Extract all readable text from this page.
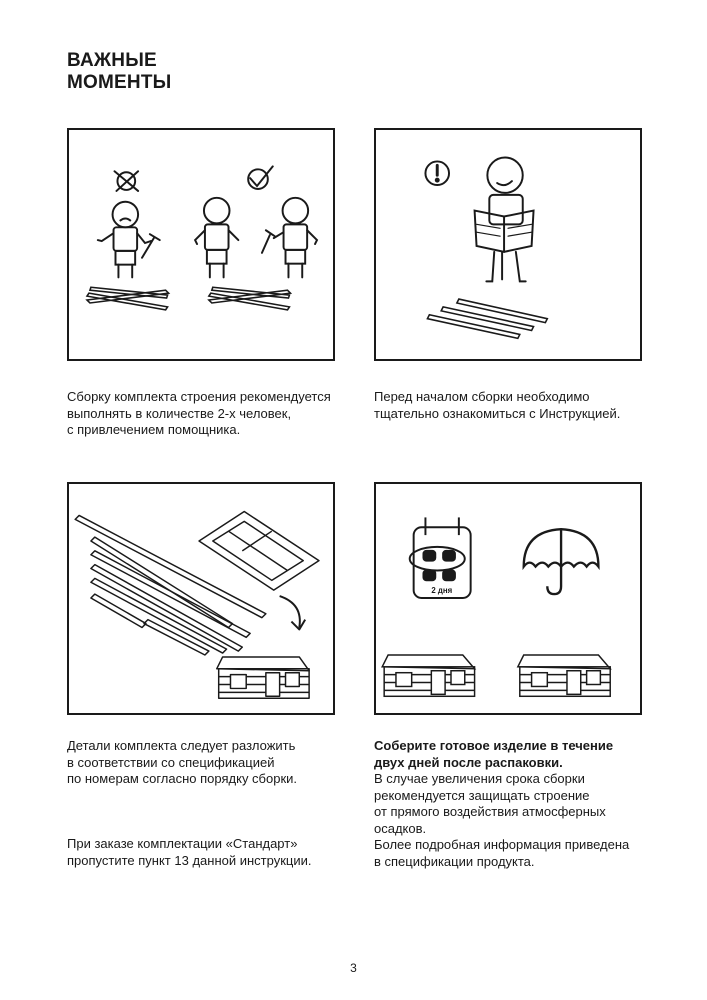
ВАЖНЫЕ
МОМЕНТЫ
2 дня
Сборку комплекта строения рекомендуется
выполнять в количестве 2-х человек,
с привлечением помощника.
Перед началом сборки необходимо
тщательно ознакомиться с Инструкцией.
Детали комплекта следует разложить
в соответствии со спецификацией
по номерам согласно порядку сборки.
При заказе комплектации «Стандарт»
пропустите пункт 13 данной инструкции.
Соберите готовое изделие в течение
двух дней после распаковки.
В случае увеличения срока сборки
рекомендуется защищать строение
от прямого воздействия атмосферных
осадков.
Более подробная информация приведена
в спецификации продукта.
3
